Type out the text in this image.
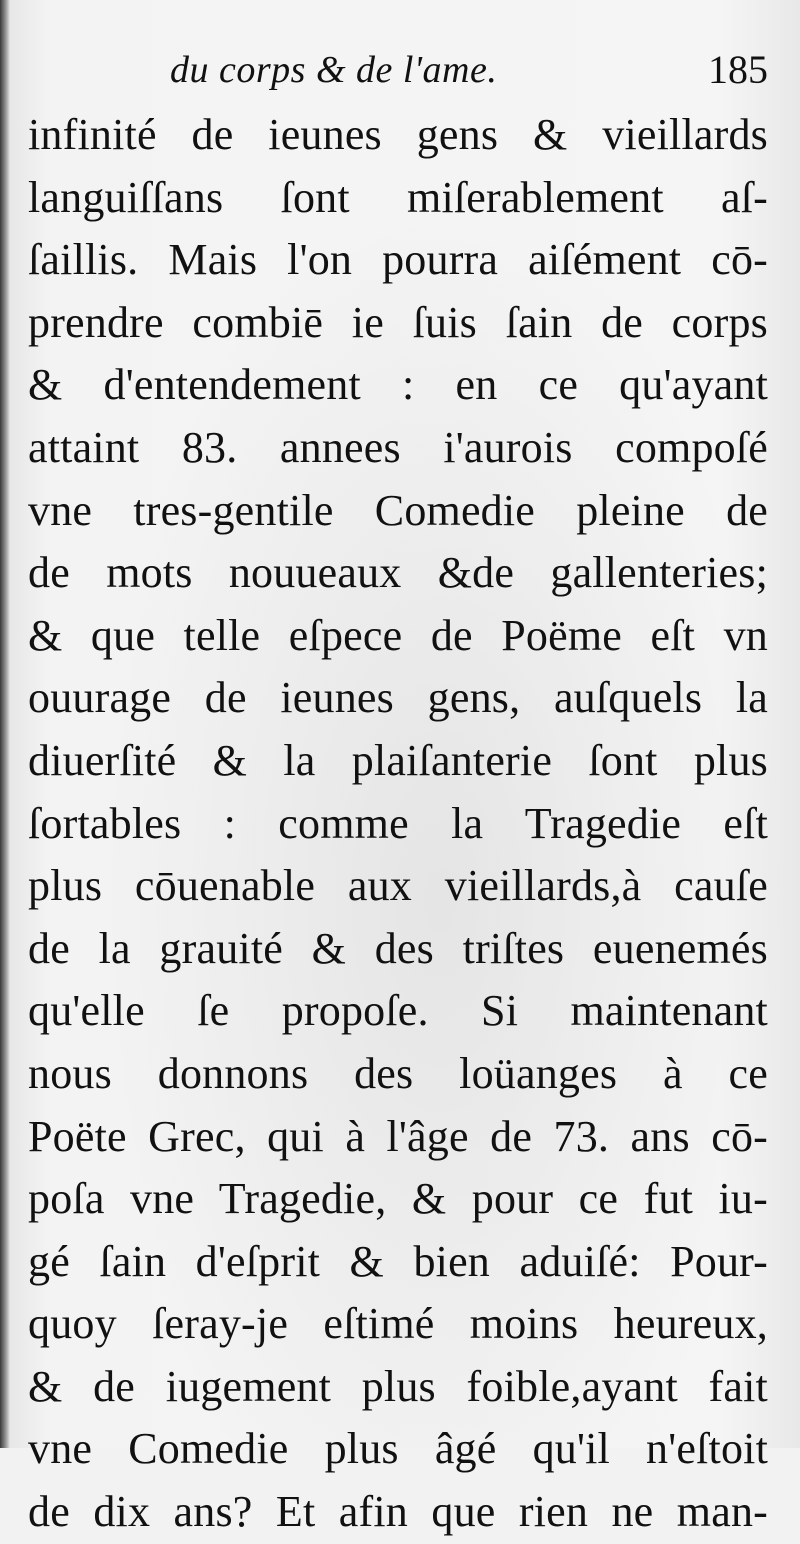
du corps & de l'ame.	185
infinité de ieunes gens & vieillards
languiſſans ſont miſerablement aſ-
ſaillis. Mais l'on pourra aiſément cō-
prendre combiē ie ſuis ſain de corps
& d'entendement : en ce qu'ayant
attaint 83. annees i'aurois compoſé
vne tres-gentile Comedie pleine de
de mots nouueaux &de gallenteries;
& que telle eſpece de Poëme eſt vn
ouurage de ieunes gens, auſquels la
diuerſité & la plaiſanterie ſont plus
ſortables : comme la Tragedie eſt
plus cōuenable aux vieillards,à cauſe
de la grauité & des triſtes euenemés
qu'elle ſe propoſe. Si maintenant
nous donnons des loüanges à ce
Poëte Grec, qui à l'âge de 73. ans cō-
poſa vne Tragedie, & pour ce fut iu-
gé ſain d'eſprit & bien aduiſé: Pour-
quoy ſeray-je eſtimé moins heureux,
& de iugement plus foible,ayant fait
vne Comedie plus âgé qu'il n'eſtoit
de dix ans? Et afin que rien ne man-
